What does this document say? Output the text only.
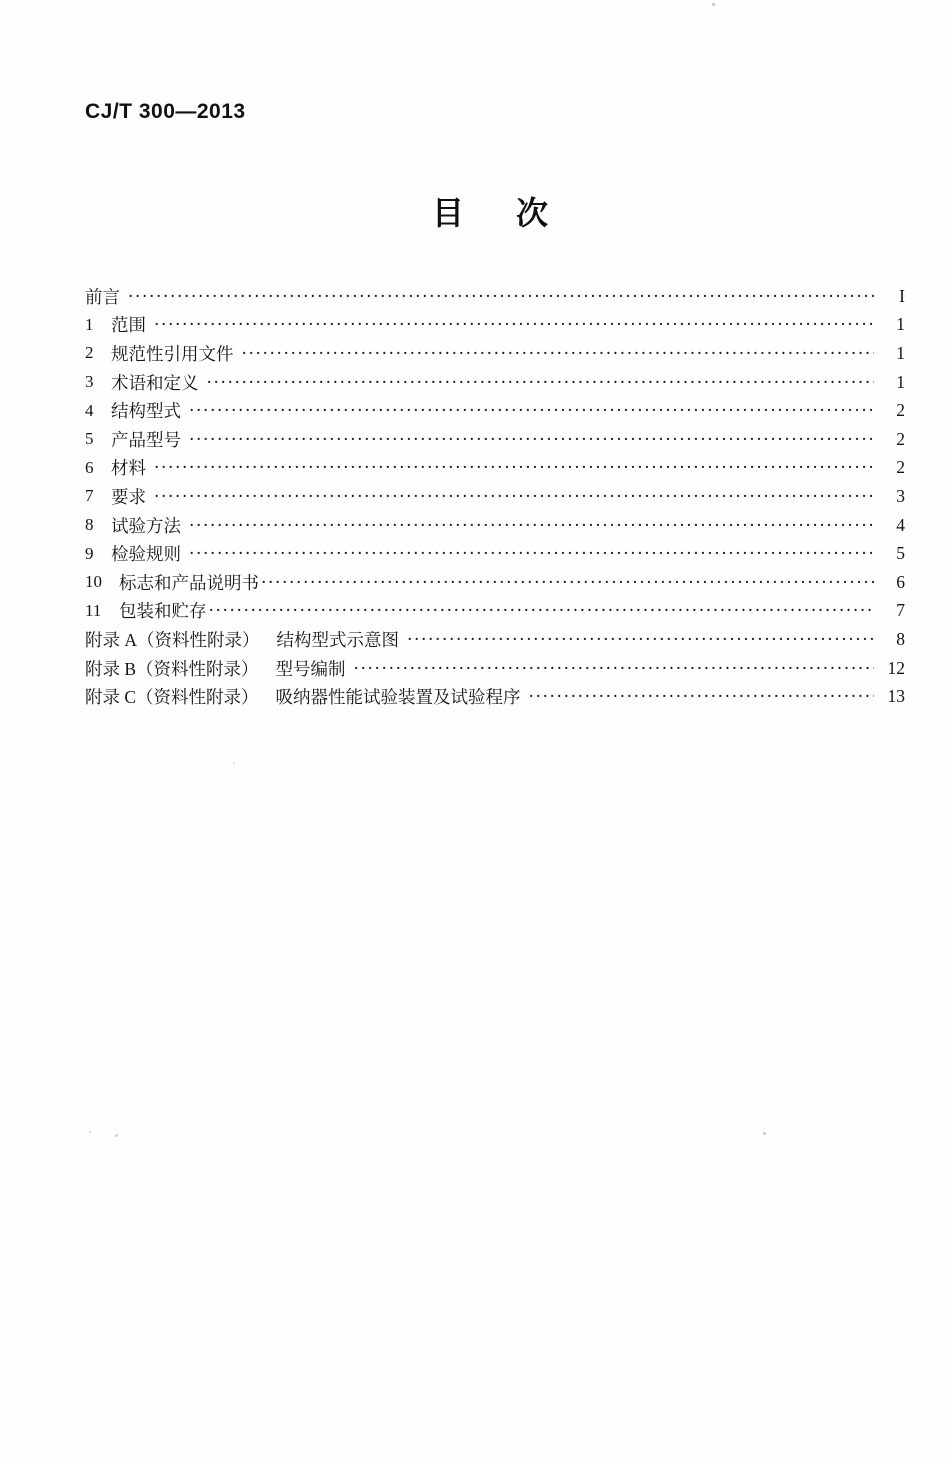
CJ/T 300—2013
目　次
前言 ·····	I
1	范围 ·····	1
2	规范性引用文件 ·····	1
3	术语和定义 ·····	1
4	结构型式 ·····	2
5	产品型号 ·····	2
6	材料 ·····	2
7	要求 ·····	3
8	试验方法 ·····	4
9	检验规则 ·····	5
10 标志和产品说明书 ·····	6
11	包装和贮存 ·····	7
附录 A（资料性附录） 结构型式示意图 ·····	8
附录 B（资料性附录） 型号编制 ·····	12
附录 C（资料性附录） 吸纳器性能试验装置及试验程序 ·····	13
